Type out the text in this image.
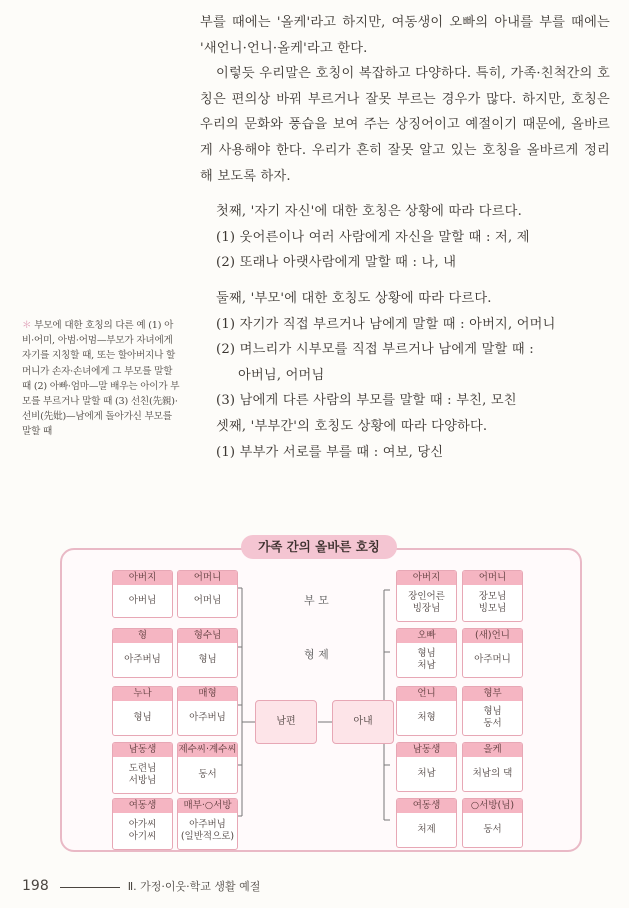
부를 때에는 '올케'라고 하지만, 여동생이 오빠의 아내를 부를 때에는 '새언니·언니·올케'라고 한다.

이렇듯 우리말은 호칭이 복잡하고 다양하다. 특히, 가족·친척간의 호칭은 편의상 바꿔 부르거나 잘못 부르는 경우가 많다. 하지만, 호칭은 우리의 문화와 풍습을 보여 주는 상징어이고 예절이기 때문에, 올바르게 사용해야 한다. 우리가 흔히 잘못 알고 있는 호칭을 올바르게 정리해 보도록 하자.

첫째, '자기 자신'에 대한 호칭은 상황에 따라 다르다.

(1) 웃어른이나 여러 사람에게 자신을 말할 때 : 저, 제

(2) 또래나 아랫사람에게 말할 때 : 나, 내

둘째, '부모'에 대한 호칭도 상황에 따라 다르다.

(1) 자기가 직접 부르거나 남에게 말할 때 : 아버지, 어머니

(2) 며느리가 시부모를 직접 부르거나 남에게 말할 때 :

아버님, 어머님

(3) 남에게 다른 사람의 부모를 말할 때 : 부친, 모친

셋째, '부부간'의 호칭도 상황에 따라 다양하다.

(1) 부부가 서로를 부를 때 : 여보, 당신

＊ 부모에 대한 호칭의 다른 예 (1) 아비·어미, 아범·어멈—부모가 자녀에게 자기를 지칭할 때, 또는 할아버지나 할머니가 손자·손녀에게 그 부모를 말할 때 (2) 아빠·엄마—말 배우는 아이가 부모를 부르거나 말할 때 (3) 선친(先親)·선비(先妣)—남에게 돌아가신 부모를 말할 때
가족 간의 올바른 호칭
부 모
형 제
남편	아내
아버지
아버님
어머니
어머님
형
아주버님
형수님
형님
누나
형님
매형
아주버님
남동생
도련님
서방님
제수씨·계수씨
동서
여동생
아가씨
아기씨
매부·○서방
아주버님
(일반적으로)
아버지
장인어른
빙장님
어머니
장모님
빙모님
오빠
형님
처남
(새)언니
아주머니
언니
처형
형부
형님
동서
남동생
처남
올케
처남의 댁
여동생
처제
○서방(님)
동서
198	Ⅱ. 가정·이웃·학교 생활 예절
